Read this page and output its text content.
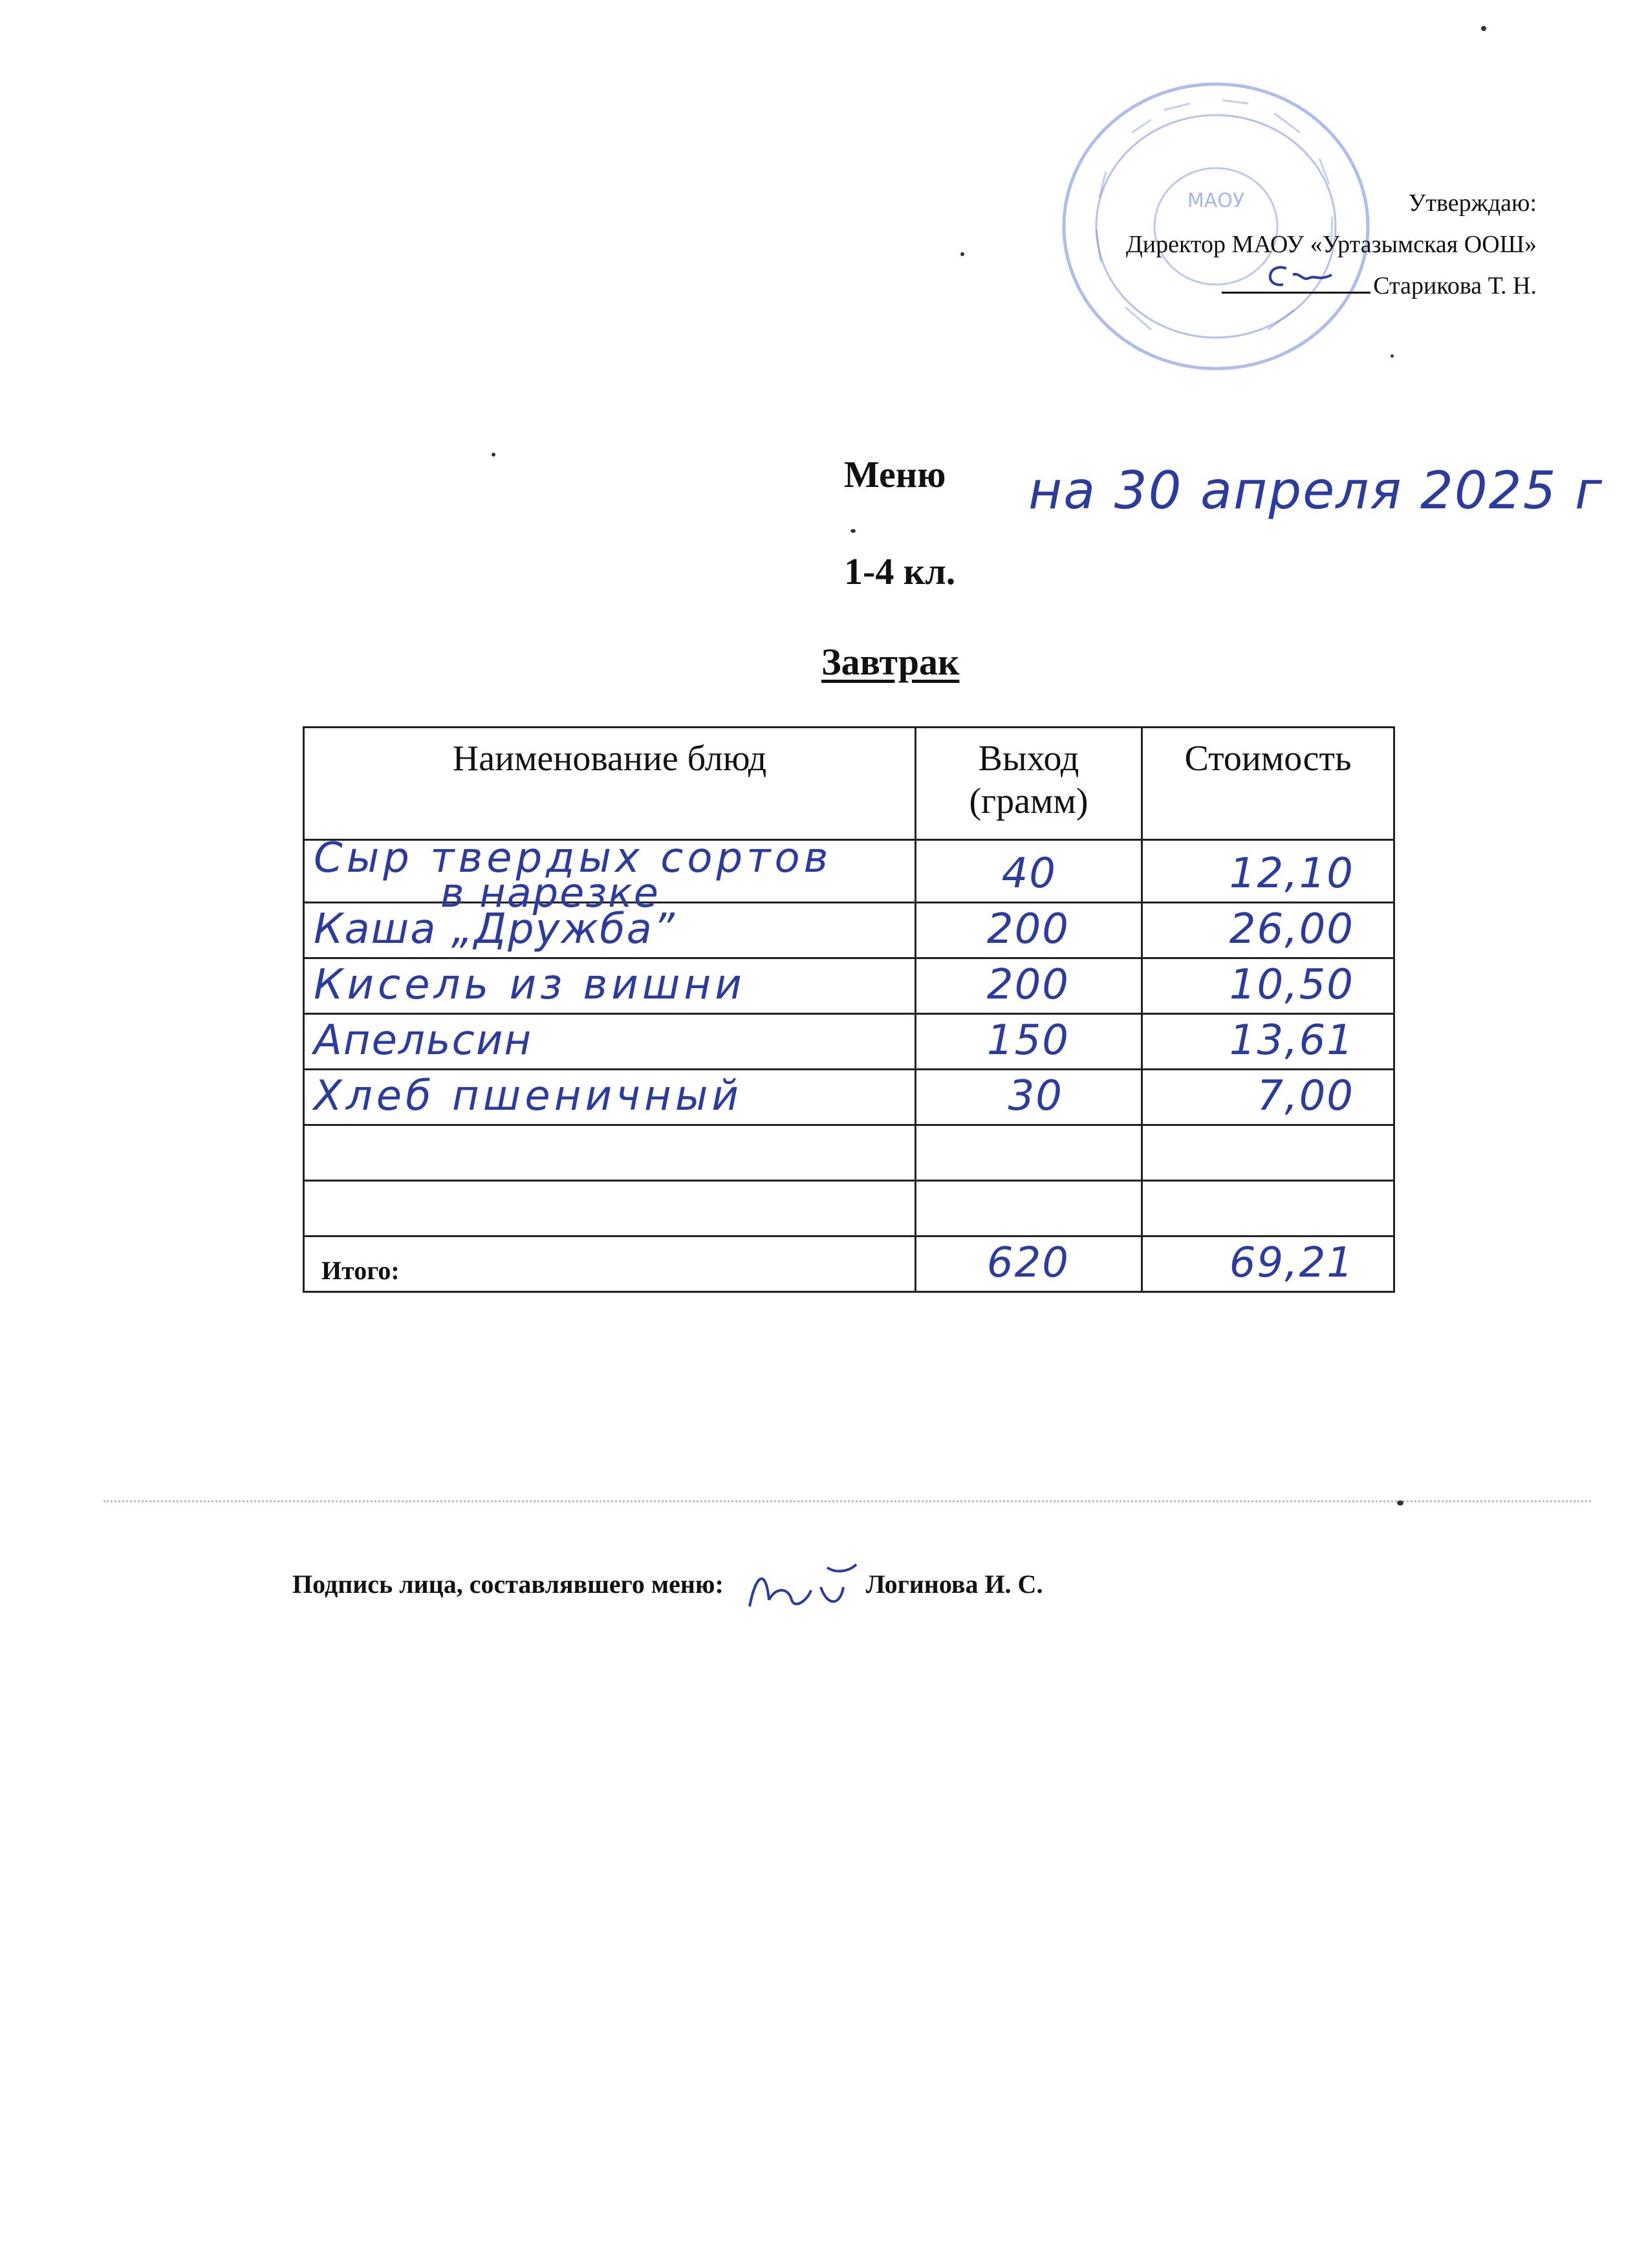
МАОУ	Утверждаю:
Директор МАОУ «Уртазымская ООШ»
Старикова Т. Н.
Меню на 30 апреля 2025 г
1-4 кл.
Завтрак
Наименование блюд	Выход (грамм)	Стоимость

Сыр твердых сортов
в нарезке	40	12,10

Каша „Дружба”	200	26,00

Кисель из вишни	200	10,50

Апельсин	150	13,61

Хлеб пшеничный	30	7,00

Итого:	620	69,21
Подпись лица, составлявшего меню:	Логинова И. С.
